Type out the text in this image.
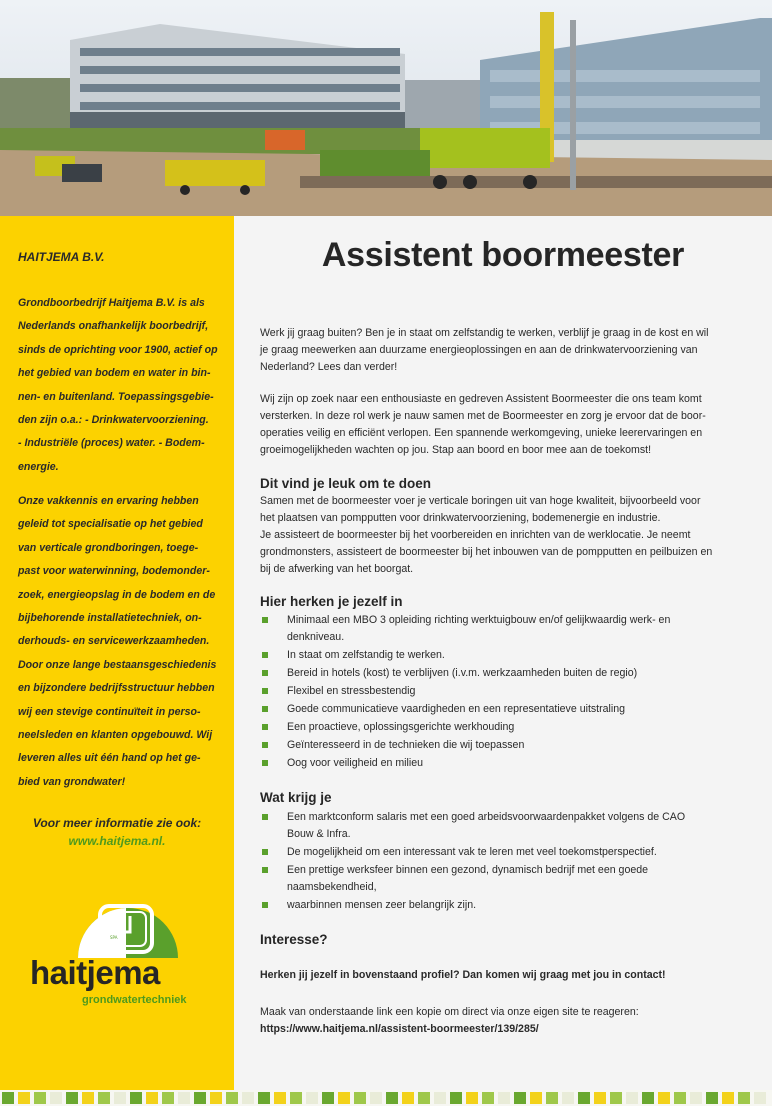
HAITJEMA B.V.
Grondboorbedrijf Haitjema B.V. is als
Nederlands onafhankelijk boorbedrijf,
sinds de oprichting voor 1900, actief op
het gebied van bodem en water in bin-
nen- en buitenland. Toepassingsgebie-
den zijn o.a.: - Drinkwatervoorziening.
- Industriële (proces) water. - Bodem-
energie.
Onze vakkennis en ervaring hebben
geleid tot specialisatie op het gebied
van verticale grondboringen, toege-
past voor waterwinning, bodemonder-
zoek, energieopslag in de bodem en de
bijbehorende installatietechniek, on-
derhouds- en servicewerkzaamheden.
Door onze lange bestaansgeschiedenis
en bijzondere bedrijfsstructuur hebben
wij een stevige continuïteit in perso-
neelsleden en klanten opgebouwd. Wij
leveren alles uit één hand op het ge-
bied van grondwater!
Voor meer informatie zie ook:
www.haitjema.nl.
SPA
haitjema
grondwatertechniek
Assistent boormeester
Werk jij graag buiten? Ben je in staat om zelfstandig te werken, verblijf je graag in de kost en wil
je graag meewerken aan duurzame energieoplossingen en aan de drinkwatervoorziening van
Nederland? Lees dan verder!
Wij zijn op zoek naar een enthousiaste en gedreven Assistent Boormeester die ons team komt
versterken. In deze rol werk je nauw samen met de Boormeester en zorg je ervoor dat de boor-
operaties veilig en efficiënt verlopen. Een spannende werkomgeving, unieke leerervaringen en
groeimogelijkheden wachten op jou. Stap aan boord en boor mee aan de toekomst!
Dit vind je leuk om te doen
Samen met de boormeester voer je verticale boringen uit van hoge kwaliteit, bijvoorbeeld voor
het plaatsen van pompputten voor drinkwatervoorziening, bodemenergie en industrie.
Je assisteert de boormeester bij het voorbereiden en inrichten van de werklocatie. Je neemt
grondmonsters, assisteert de boormeester bij het inbouwen van de pompputten en peilbuizen en
bij de afwerking van het boorgat.
Hier herken je jezelf in
Minimaal een MBO 3 opleiding richting werktuigbouw en/of gelijkwaardig werk- en
denkniveau.
In staat om zelfstandig te werken.
Bereid in hotels (kost) te verblijven (i.v.m. werkzaamheden buiten de regio)
Flexibel en stressbestendig
Goede communicatieve vaardigheden en een representatieve uitstraling
Een proactieve, oplossingsgerichte werkhouding
Geïnteresseerd in de technieken die wij toepassen
Oog voor veiligheid en milieu
Wat krijg je
Een marktconform salaris met een goed arbeidsvoorwaardenpakket volgens de CAO
Bouw & Infra.
De mogelijkheid om een interessant vak te leren met veel toekomstperspectief.
Een prettige werksfeer binnen een gezond, dynamisch bedrijf met een goede
naamsbekendheid,
waarbinnen mensen zeer belangrijk zijn.
Interesse?
Herken jij jezelf in bovenstaand profiel? Dan komen wij graag met jou in contact!
Maak van onderstaande link een kopie om direct via onze eigen site te reageren:
https://www.haitjema.nl/assistent-boormeester/139/285/
